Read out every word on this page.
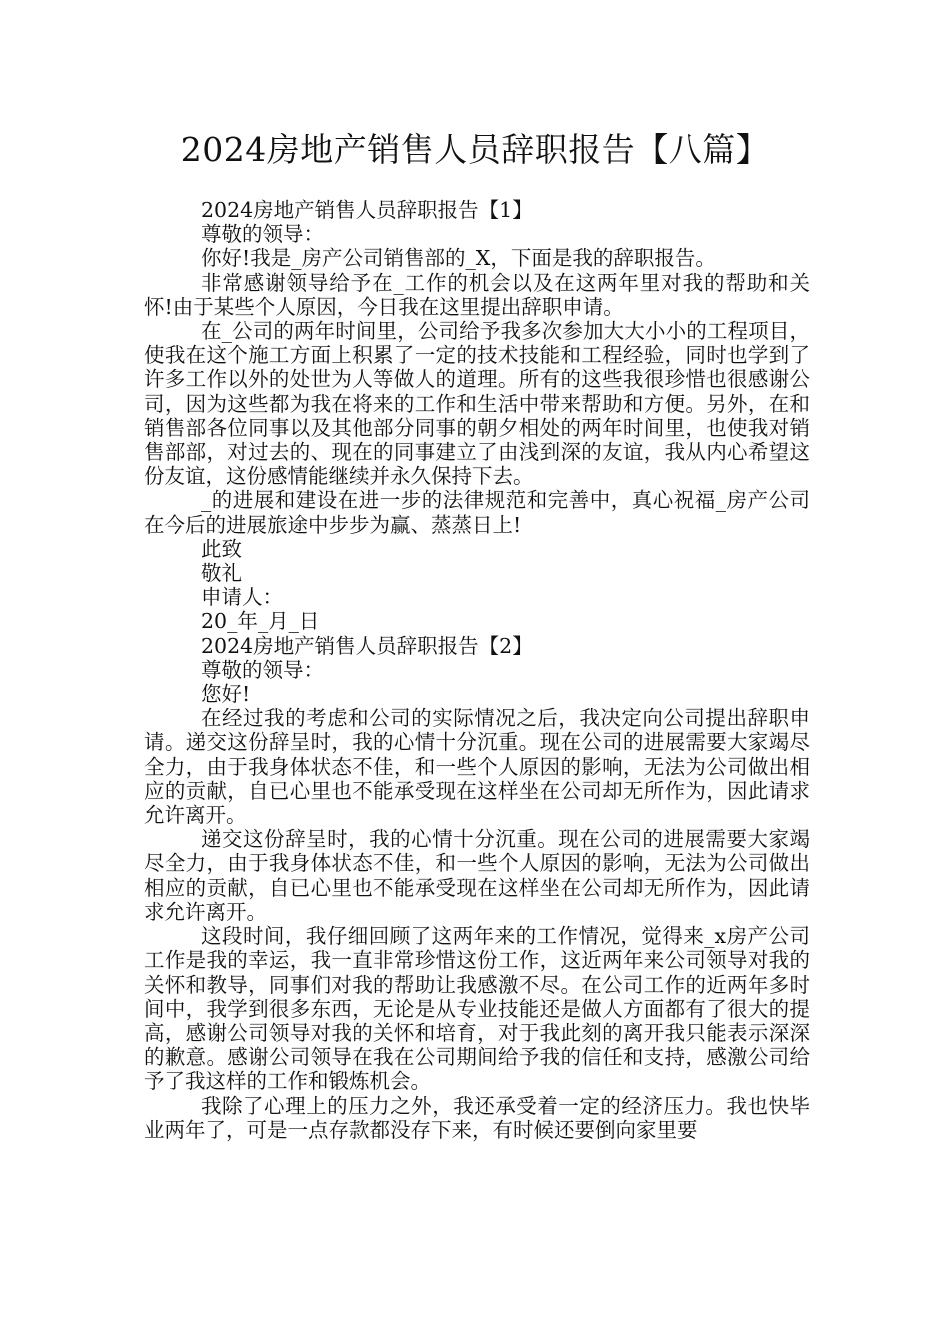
2024房地产销售人员辞职报告【八篇】

2024房地产销售人员辞职报告【1】

尊敬的领导：

你好!我是_房产公司销售部的_X，下面是我的辞职报告。

非常感谢领导给予在_工作的机会以及在这两年里对我的帮助和关怀!由于某些个人原因，今日我在这里提出辞职申请。

在_公司的两年时间里，公司给予我多次参加大大小小的工程项目，使我在这个施工方面上积累了一定的技术技能和工程经验，同时也学到了许多工作以外的处世为人等做人的道理。所有的这些我很珍惜也很感谢公司，因为这些都为我在将来的工作和生活中带来帮助和方便。另外，在和销售部各位同事以及其他部分同事的朝夕相处的两年时间里，也使我对销售部部，对过去的、现在的同事建立了由浅到深的友谊，我从内心希望这份友谊，这份感情能继续并永久保持下去。

_的进展和建设在进一步的法律规范和完善中，真心祝福_房产公司在今后的进展旅途中步步为赢、蒸蒸日上!

此致

敬礼

申请人：

20_年_月_日

2024房地产销售人员辞职报告【2】

尊敬的领导：

您好!

在经过我的考虑和公司的实际情况之后，我决定向公司提出辞职申请。递交这份辞呈时，我的心情十分沉重。现在公司的进展需要大家竭尽全力，由于我身体状态不佳，和一些个人原因的影响，无法为公司做出相应的贡献，自已心里也不能承受现在这样坐在公司却无所作为，因此请求允许离开。

递交这份辞呈时，我的心情十分沉重。现在公司的进展需要大家竭尽全力，由于我身体状态不佳，和一些个人原因的影响，无法为公司做出相应的贡献，自已心里也不能承受现在这样坐在公司却无所作为，因此请求允许离开。

这段时间，我仔细回顾了这两年来的工作情况，觉得来_x房产公司工作是我的幸运，我一直非常珍惜这份工作，这近两年来公司领导对我的关怀和教导，同事们对我的帮助让我感激不尽。在公司工作的近两年多时间中，我学到很多东西，无论是从专业技能还是做人方面都有了很大的提高，感谢公司领导对我的关怀和培育，对于我此刻的离开我只能表示深深的歉意。感谢公司领导在我在公司期间给予我的信任和支持，感激公司给予了我这样的工作和锻炼机会。

我除了心理上的压力之外，我还承受着一定的经济压力。我也快毕业两年了，可是一点存款都没存下来，有时候还要倒向家里要
